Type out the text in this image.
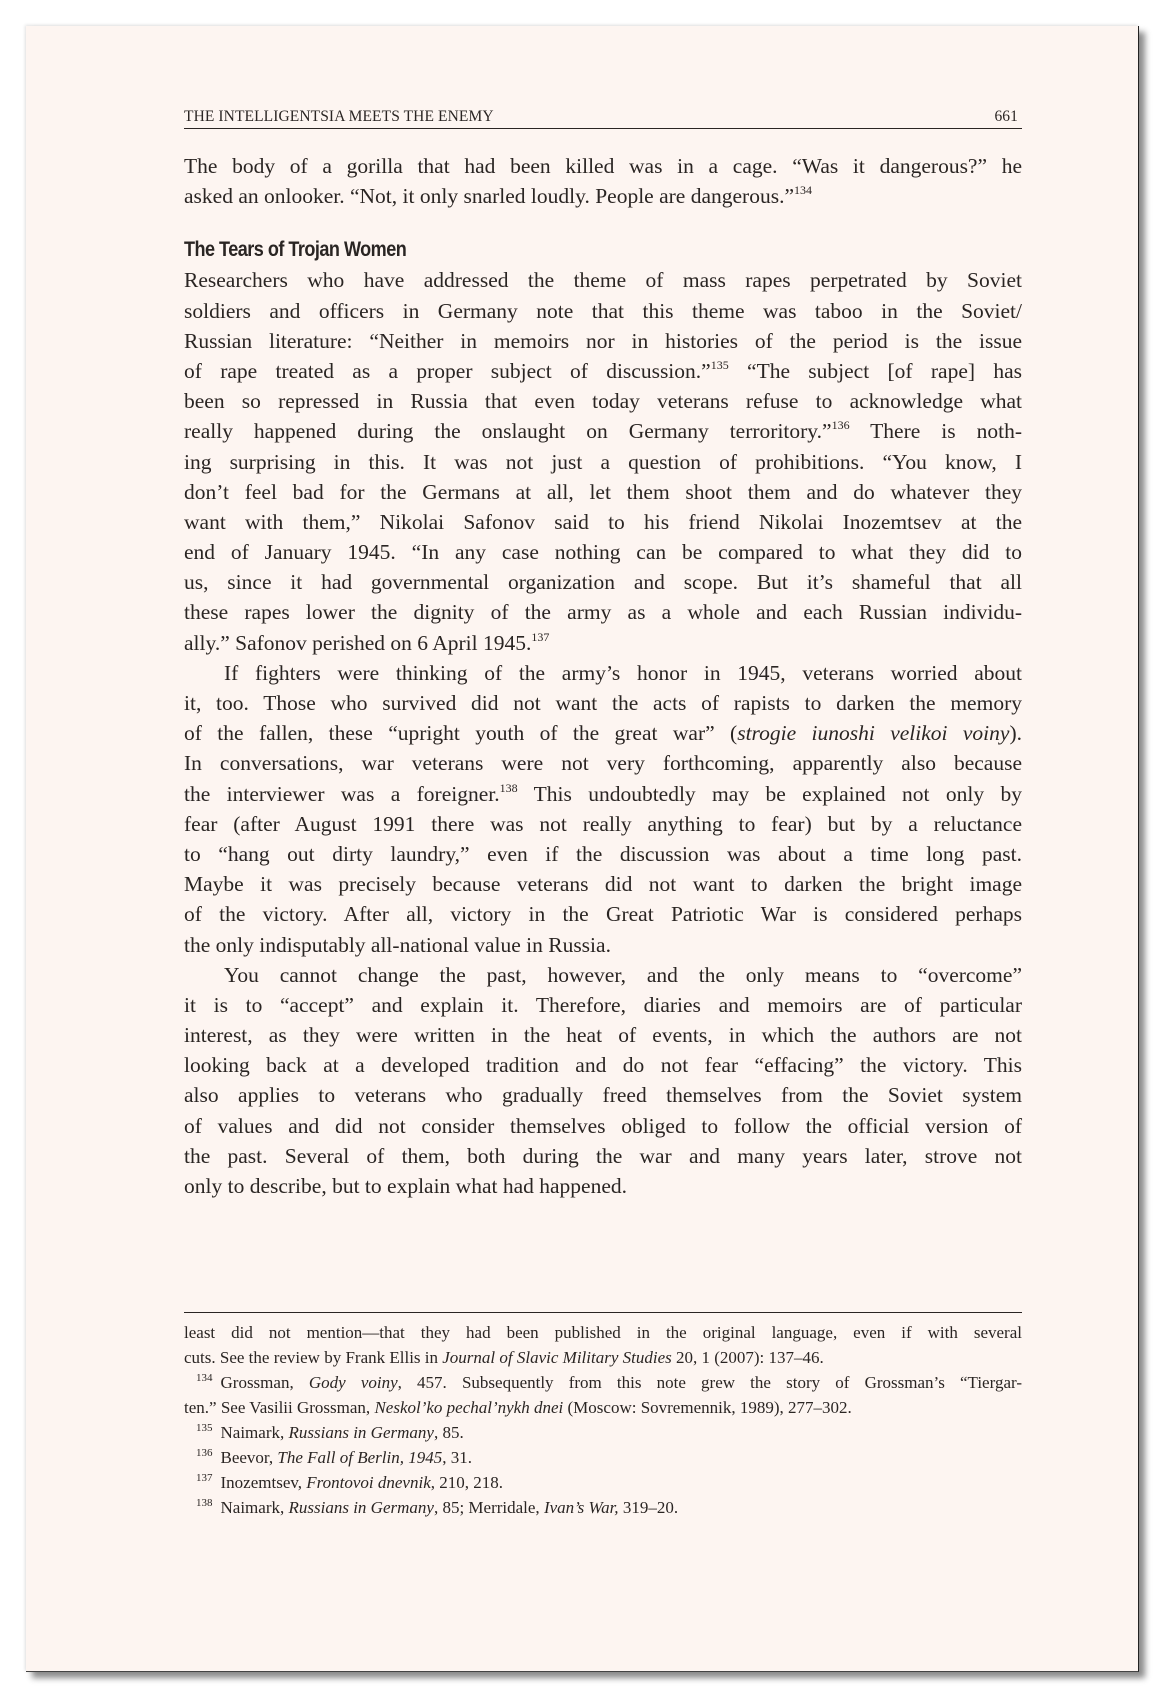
THE INTELLIGENTSIA MEETS THE ENEMY	661
The body of a gorilla that had been killed was in a cage. “Was it dangerous?” he
asked an onlooker. “Not, it only snarled loudly. People are dangerous.”$^{134}$
The Tears of Trojan Women
Researchers who have addressed the theme of mass rapes perpetrated by Soviet
soldiers and officers in Germany note that this theme was taboo in the Soviet/
Russian literature: “Neither in memoirs nor in histories of the period is the issue
of rape treated as a proper subject of discussion.”$^{135}$ “The subject [of rape] has
been so repressed in Russia that even today veterans refuse to acknowledge what
really happened during the onslaught on Germany terroritory.”$^{136}$ There is noth-
ing surprising in this. It was not just a question of prohibitions. “You know, I
don’t feel bad for the Germans at all, let them shoot them and do whatever they
want with them,” Nikolai Safonov said to his friend Nikolai Inozemtsev at the
end of January 1945. “In any case nothing can be compared to what they did to
us, since it had governmental organization and scope. But it’s shameful that all
these rapes lower the dignity of the army as a whole and each Russian individu-
ally.” Safonov perished on 6 April 1945.$^{137}$
If fighters were thinking of the army’s honor in 1945, veterans worried about
it, too. Those who survived did not want the acts of rapists to darken the memory
of the fallen, these “upright youth of the great war” (strogie iunoshi velikoi voiny).
In conversations, war veterans were not very forthcoming, apparently also because
the interviewer was a foreigner.$^{138}$ This undoubtedly may be explained not only by
fear (after August 1991 there was not really anything to fear) but by a reluctance
to “hang out dirty laundry,” even if the discussion was about a time long past.
Maybe it was precisely because veterans did not want to darken the bright image
of the victory. After all, victory in the Great Patriotic War is considered perhaps
the only indisputably all-national value in Russia.
You cannot change the past, however, and the only means to “overcome”
it is to “accept” and explain it. Therefore, diaries and memoirs are of particular
interest, as they were written in the heat of events, in which the authors are not
looking back at a developed tradition and do not fear “effacing” the victory. This
also applies to veterans who gradually freed themselves from the Soviet system
of values and did not consider themselves obliged to follow the official version of
the past. Several of them, both during the war and many years later, strove not
only to describe, but to explain what had happened.
least did not mention—that they had been published in the original language, even if with several
cuts. See the review by Frank Ellis in Journal of Slavic Military Studies 20, 1 (2007): 137–46.
$^{134}$ Grossman, Gody voiny, 457. Subsequently from this note grew the story of Grossman’s “Tiergar-
ten.” See Vasilii Grossman, Neskol’ko pechal’nykh dnei (Moscow: Sovremennik, 1989), 277–302.
$^{135}$ Naimark, Russians in Germany, 85.
$^{136}$ Beevor, The Fall of Berlin, 1945, 31.
$^{137}$ Inozemtsev, Frontovoi dnevnik, 210, 218.
$^{138}$ Naimark, Russians in Germany, 85; Merridale, Ivan’s War, 319–20.
